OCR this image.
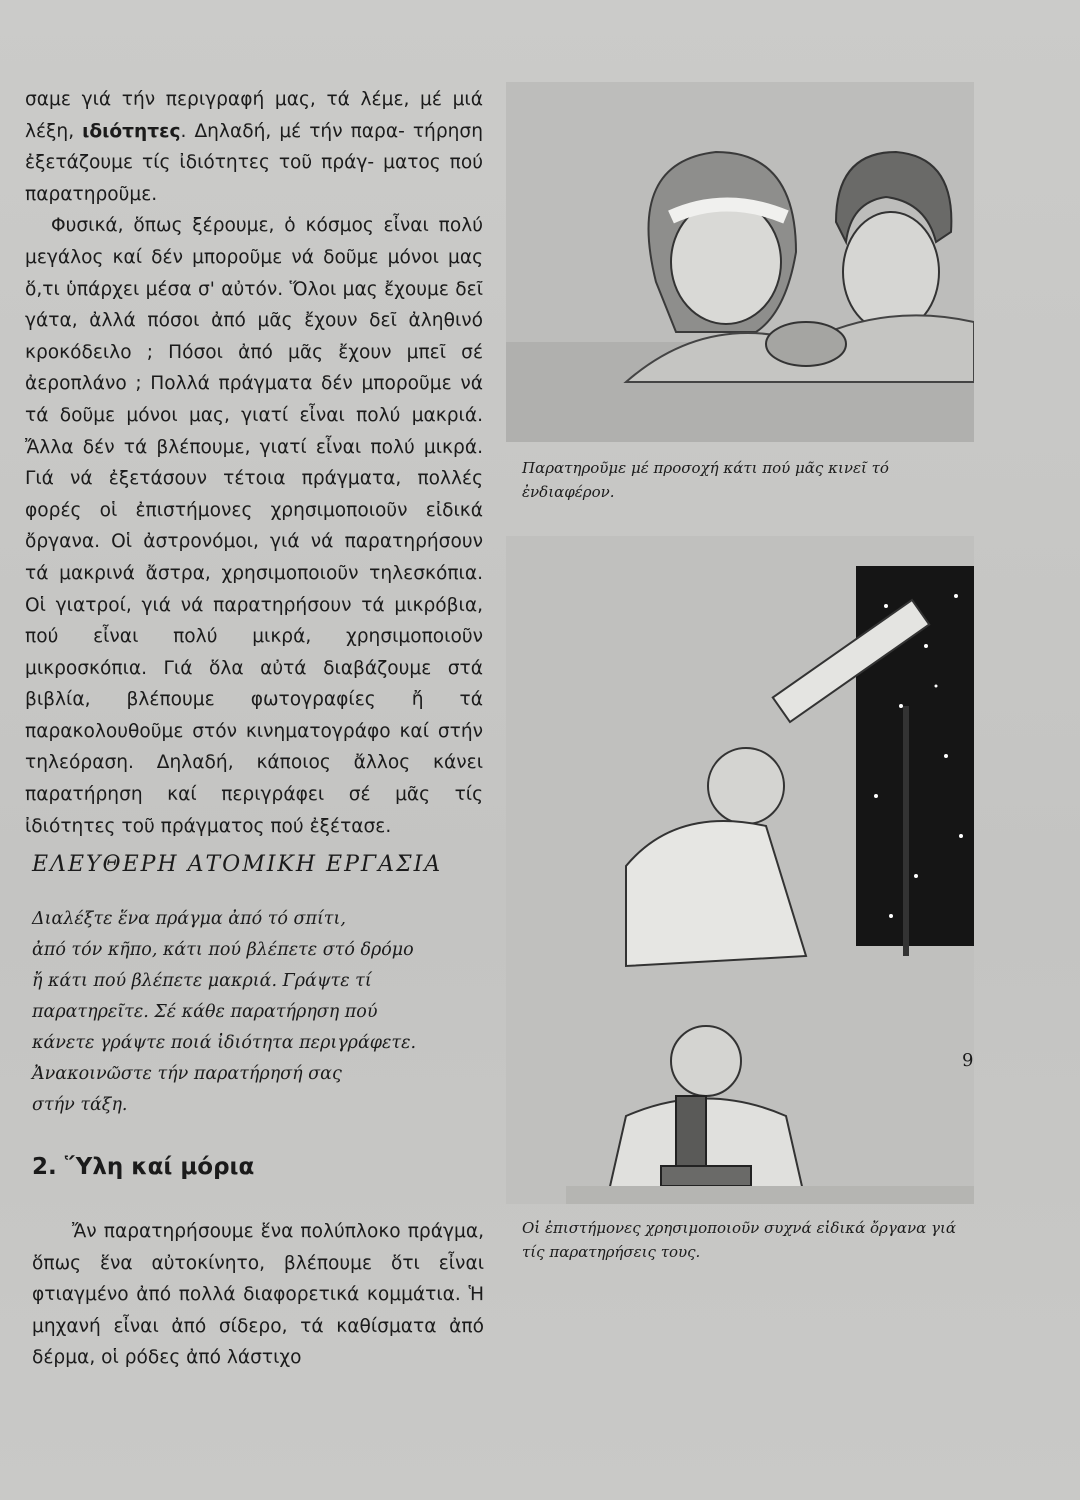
σαμε γιά τήν περιγραφή μας, τά λέμε, μέ μιά λέξη, ιδιότητες. Δηλαδή, μέ τήν παρα- τήρηση ἐξετάζουμε τίς ἰδιότητες τοῦ πράγ- ματος πού παρατηροῦμε.

Φυσικά, ὅπως ξέρουμε, ὁ κόσμος εἶναι πολύ μεγάλος καί δέν μποροῦμε νά δοῦμε μόνοι μας ὅ,τι ὑπάρχει μέσα σ' αὐτόν. Ὅλοι μας ἔχουμε δεῖ γάτα, ἀλλά πόσοι ἀπό μᾶς ἔχουν δεῖ ἀληθινό κροκόδειλο ; Πόσοι ἀπό μᾶς ἔχουν μπεῖ σέ ἀεροπλάνο ; Πολλά πράγματα δέν μποροῦμε νά τά δοῦμε μόνοι μας, γιατί εἶναι πολύ μακριά. Ἄλλα δέν τά βλέπουμε, γιατί εἶναι πολύ μικρά. Γιά νά ἐξετάσουν τέτοια πράγματα, πολλές φορές οἱ ἐπιστήμονες χρησιμοποιοῦν εἰδικά ὄργανα. Οἱ ἀστρονόμοι, γιά νά παρατηρήσουν τά μακρινά ἄστρα, χρησιμοποιοῦν τηλεσκόπια. Οἱ γιατροί, γιά νά παρατηρήσουν τά μικρόβια, πού εἶναι πολύ μικρά, χρησιμοποιοῦν μικροσκόπια. Γιά ὅλα αὐτά διαβάζουμε στά βιβλία, βλέπουμε φωτογραφίες ἤ τά παρακολουθοῦμε στόν κινηματογράφο καί στήν τηλεόραση. Δηλαδή, κάποιος ἄλλος κάνει παρατήρηση καί περιγράφει σέ μᾶς τίς ἰδιότητες τοῦ πράγματος πού ἐξέτασε.

ΕΛΕΥΘΕΡΗ ΑΤΟΜΙΚΗ ΕΡΓΑΣΙΑ
Διαλέξτε ἕνα πράγμα ἀπό τό σπίτι,
ἀπό τόν κῆπο, κάτι πού βλέπετε στό δρόμο
ἤ κάτι πού βλέπετε μακριά. Γράψτε τί
παρατηρεῖτε. Σέ κάθε παρατήρηση πού
κάνετε γράψτε ποιά ἰδιότητα περιγράφετε.
Ἀνακοινῶστε τήν παρατήρησή σας
στήν τάξη.
2. Ὕλη καί μόρια

Ἄν παρατηρήσουμε ἕνα πολύπλοκο πράγμα, ὅπως ἕνα αὐτοκίνητο, βλέπουμε ὅτι εἶναι φτιαγμένο ἀπό πολλά διαφορετικά κομμάτια. Ἡ μηχανή εἶναι ἀπό σίδερο, τά καθίσματα ἀπό δέρμα, οἱ ρόδες ἀπό λάστιχο

Παρατηροῦμε μέ προσοχή κάτι πού μᾶς κινεῖ τό ἐνδιαφέρον.
Οἱ ἐπιστήμονες χρησιμοποιοῦν συχνά εἰδικά ὄργανα γιά τίς παρατηρήσεις τους.
9
